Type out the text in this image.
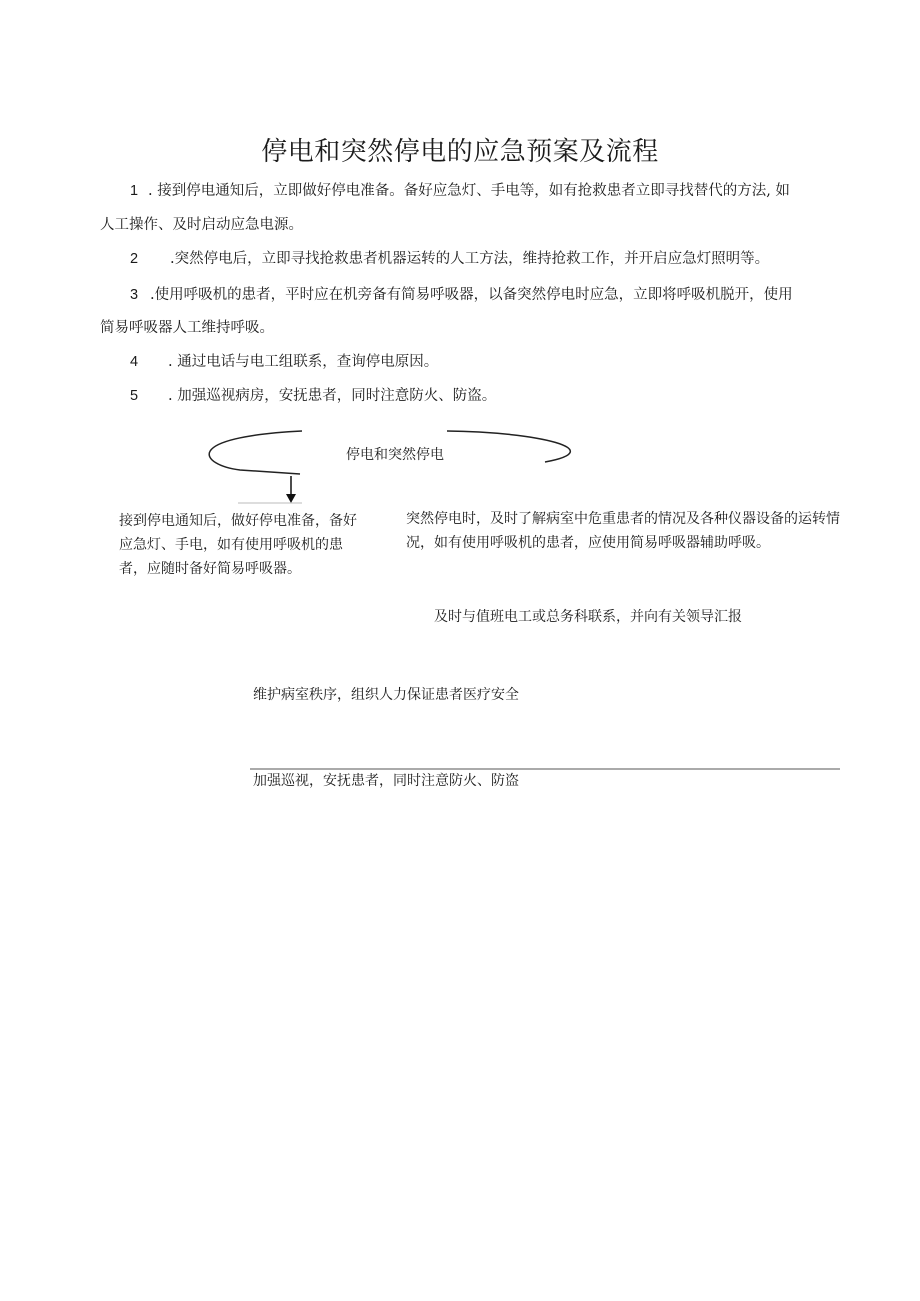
停电和突然停电的应急预案及流程
1 . 接到停电通知后，立即做好停电准备。备好应急灯、手电等，如有抢救患者立即寻找替代的方法, 如
人工操作、及时启动应急电源。
2 .突然停电后，立即寻找抢救患者机器运转的人工方法，维持抢救工作，并开启应急灯照明等。
3 .使用呼吸机的患者，平时应在机旁备有简易呼吸器，以备突然停电时应急，立即将呼吸机脱开，使用
简易呼吸器人工维持呼吸。
4 . 通过电话与电工组联系，查询停电原因。
5 . 加强巡视病房，安抚患者，同时注意防火、防盗。
停电和突然停电
接到停电通知后，做好停电准备，备好应急灯、手电，如有使用呼吸机的患者，应随时备好简易呼吸器。
突然停电时，及时了解病室中危重患者的情况及各种仪器设备的运转情况，如有使用呼吸机的患者，应使用简易呼吸器辅助呼吸。
及时与值班电工或总务科联系，并向有关领导汇报
维护病室秩序，组织人力保证患者医疗安全
加强巡视，安抚患者，同时注意防火、防盗
